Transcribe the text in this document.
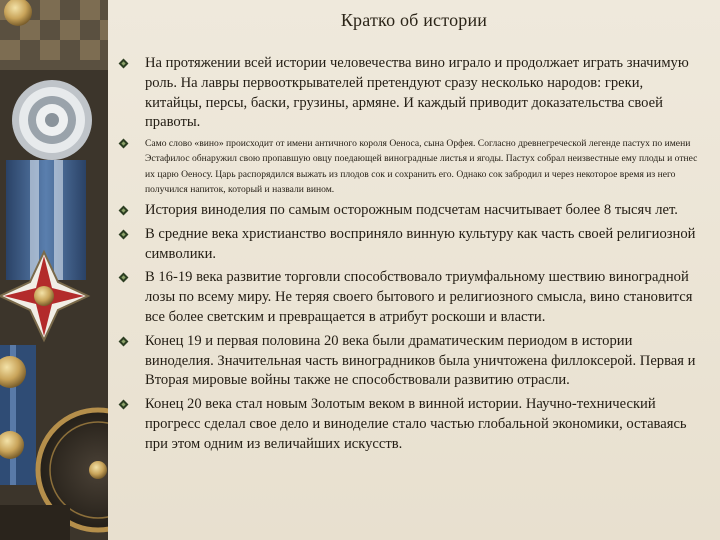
Кратко об истории
На протяжении всей истории человечества вино играло и продолжает играть значимую роль. На лавры первооткрывателей претендуют сразу несколько народов: греки, китайцы, персы, баски, грузины, армяне. И каждый приводит доказательства своей правоты.
Само слово «вино» происходит от имени античного короля Oенoса, сына Орфея. Согласно древнегреческой легенде пастух по имени Эстафилос обнаружил свою пропавшую овцу поедающей виноградные листья и ягоды. Пастух собрал неизвестные ему плоды и отнес их царю Оеносу. Царь распорядился выжать из плодов сок и сохранить его. Однако сок забродил и через некоторое время из него получился напиток, который и назвали вином.
История виноделия по самым осторожным подсчетам насчитывает более 8 тысяч лет.
В средние века христианство восприняло винную культуру как часть своей религиозной символики.
В 16-19 века развитие торговли способствовало триумфальному шествию виноградной лозы по всему миру. Не теряя своего бытового и религиозного смысла, вино становится все более светским и превращается в атрибут роскоши и власти.
Конец 19 и первая половина 20 века были драматическим периодом в истории виноделия. Значительная часть виноградников была уничтожена филлоксерой. Первая и Вторая мировые войны также не способствовали развитию отрасли.
Конец 20 века стал новым Золотым веком в винной истории. Научно-технический прогресс сделал свое дело и виноделие стало частью глобальной экономики, оставаясь при этом одним из величайших искусств.
